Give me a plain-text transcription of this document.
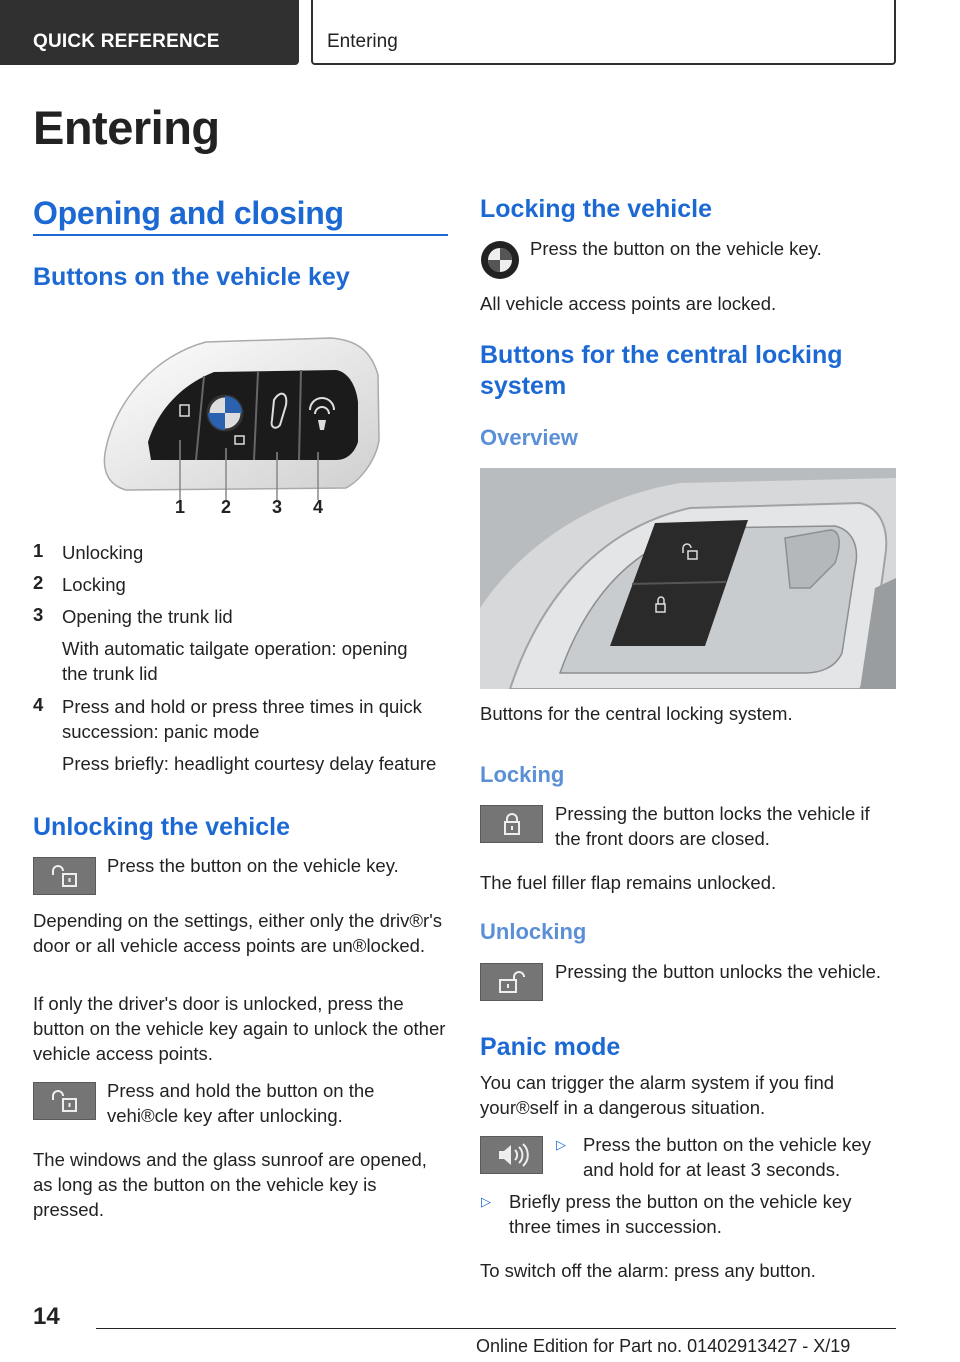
QUICK REFERENCE	Entering
Entering
Opening and closing
Buttons on the vehicle key
1 2 3 4
1 Unlocking
2 Locking
3 Opening the trunk lid
With automatic tailgate operation: opening the trunk lid
4 Press and hold or press three times in quick succession: panic mode
Press briefly: headlight courtesy delay feature
Unlocking the vehicle
Press the button on the vehicle key.
Depending on the settings, either only the driv®r's door or all vehicle access points are un®locked.
If only the driver's door is unlocked, press the button on the vehicle key again to unlock the other vehicle access points.
Press and hold the button on the vehi®cle key after unlocking.
The windows and the glass sunroof are opened, as long as the button on the vehicle key is pressed.
Locking the vehicle
Press the button on the vehicle key.
All vehicle access points are locked.
Buttons for the central locking system
Overview
Buttons for the central locking system.
Locking
Pressing the button locks the vehicle if the front doors are closed.
The fuel filler flap remains unlocked.
Unlocking
Pressing the button unlocks the vehicle.
Panic mode
You can trigger the alarm system if you find your®self in a dangerous situation.
▷ Press the button on the vehicle key and hold for at least 3 seconds.
▷ Briefly press the button on the vehicle key three times in succession.
To switch off the alarm: press any button.
14
Online Edition for Part no. 01402913427 - X/19
